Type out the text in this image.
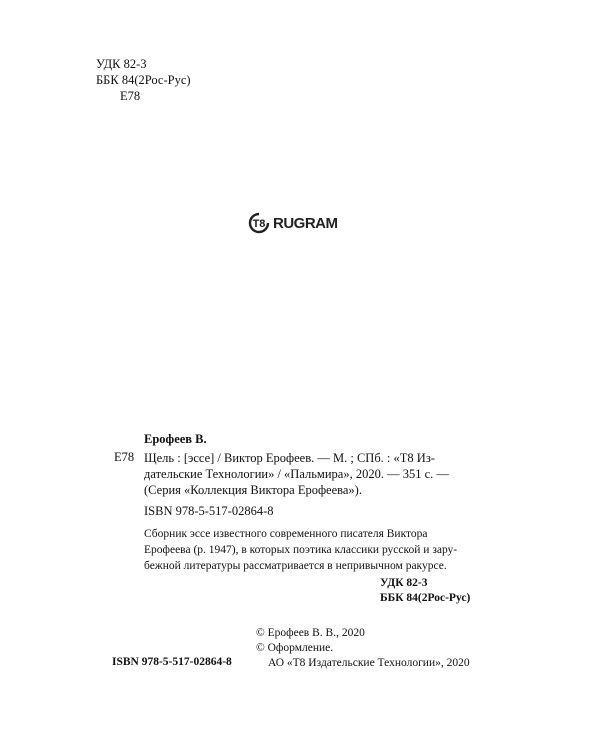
УДК 82-3
ББК 84(2Рос-Рус)
Е78
T8 RUGRAM
Ерофеев В.
Е78 Щель : [эссе] / Виктор Ерофеев. — М. ; СПб. : «Т8 Из-
дательские Технологии» / «Пальмира», 2020. — 351 с. —
(Серия «Коллекция Виктора Ерофеева»).
ISBN 978-5-517-02864-8
Сборник эссе известного современного писателя Виктора
Ерофеева (р. 1947), в которых поэтика классики русской и зару-
бежной литературы рассматривается в непривычном ракурсе.
УДК 82-3
ББК 84(2Рос-Рус)
© Ерофеев В. В., 2020
© Оформление.
АО «Т8 Издательские Технологии», 2020
ISBN 978-5-517-02864-8
